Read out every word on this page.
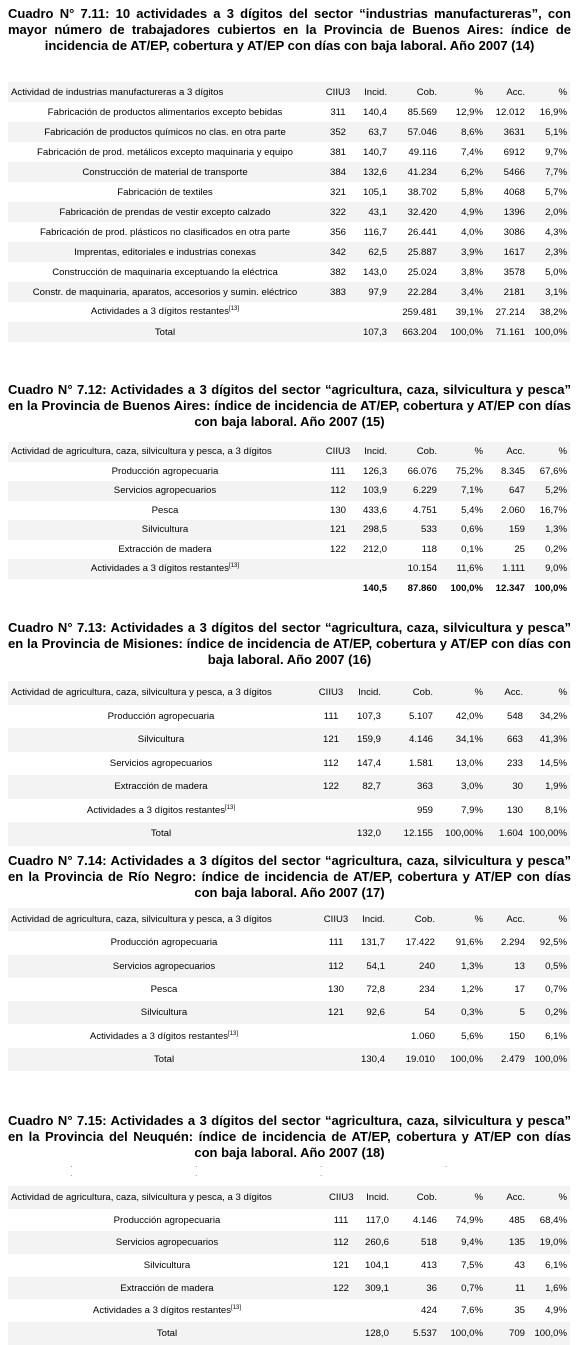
Cuadro N° 7.11: 10 actividades a 3 dígitos del sector “industrias manufactureras”, con mayor número de trabajadores cubiertos en la Provincia de Buenos Aires: índice de incidencia de AT/EP, cobertura y AT/EP con días con baja laboral. Año 2007 (14)
Actividad de industrias manufactureras a 3 dígitos	CIIU3	Incid.	Cob.	%	Acc.	%
Fabricación de productos alimentarios excepto bebidas	311	140,4	85.569	12,9%	12.012	16,9%
Fabricación de productos químicos no clas. en otra parte	352	63,7	57.046	8,6%	3631	5,1%
Fabricación de prod. metálicos excepto maquinaria y equipo	381	140,7	49.116	7,4%	6912	9,7%
Construcción de material de transporte	384	132,6	41.234	6,2%	5466	7,7%
Fabricación de textiles	321	105,1	38.702	5,8%	4068	5,7%
Fabricación de prendas de vestir excepto calzado	322	43,1	32.420	4,9%	1396	2,0%
Fabricación de prod. plásticos no clasificados en otra parte	356	116,7	26.441	4,0%	3086	4,3%
Imprentas, editoriales e industrias conexas	342	62,5	25.887	3,9%	1617	2,3%
Construcción de maquinaria exceptuando la eléctrica	382	143,0	25.024	3,8%	3578	5,0%
Constr. de maquinaria, aparatos, accesorios y sumin. eléctrico	383	97,9	22.284	3,4%	2181	3,1%
Actividades a 3 dígitos restantes[13]			259.481	39,1%	27.214	38,2%
Total		107,3	663.204	100,0%	71.161	100,0%
Cuadro N° 7.12: Actividades a 3 dígitos del sector “agricultura, caza, silvicultura y pesca” en la Provincia de Buenos Aires: índice de incidencia de AT/EP, cobertura y AT/EP con días con baja laboral. Año 2007 (15)
Actividad de agricultura, caza, silvicultura y pesca, a 3 dígitos	CIIU3	Incid.	Cob.	%	Acc.	%
Producción agropecuaria	111	126,3	66.076	75,2%	8.345	67,6%
Servicios agropecuarios	112	103,9	6.229	7,1%	647	5,2%
Pesca	130	433,6	4.751	5,4%	2.060	16,7%
Silvicultura	121	298,5	533	0,6%	159	1,3%
Extracción de madera	122	212,0	118	0,1%	25	0,2%
Actividades a 3 dígitos restantes[13]			10.154	11,6%	1.111	9,0%
		140,5	87.860	100,0%	12.347	100,0%
Cuadro N° 7.13: Actividades a 3 dígitos del sector “agricultura, caza, silvicultura y pesca” en la Provincia de Misiones: índice de incidencia de AT/EP, cobertura y AT/EP con días con baja laboral. Año 2007 (16)
Actividad de agricultura, caza, silvicultura y pesca, a 3 dígitos	CIIU3	Incid.	Cob.	%	Acc.	%
Producción agropecuaria	111	107,3	5.107	42,0%	548	34,2%
Silvicultura	121	159,9	4.146	34,1%	663	41,3%
Servicios agropecuarios	112	147,4	1.581	13,0%	233	14,5%
Extracción de madera	122	82,7	363	3,0%	30	1,9%
Actividades a 3 dígitos restantes[13]			959	7,9%	130	8,1%
Total		132,0	12.155	100,00%	1.604	100,00%
Cuadro N° 7.14: Actividades a 3 dígitos del sector “agricultura, caza, silvicultura y pesca” en la Provincia de Río Negro: índice de incidencia de AT/EP, cobertura y AT/EP con días con baja laboral. Año 2007 (17)
Actividad de agricultura, caza, silvicultura y pesca, a 3 dígitos	CIIU3	Incid.	Cob.	%	Acc.	%
Producción agropecuaria	111	131,7	17.422	91,6%	2.294	92,5%
Servicios agropecuarios	112	54,1	240	1,3%	13	0,5%
Pesca	130	72,8	234	1,2%	17	0,7%
Silvicultura	121	92,6	54	0,3%	5	0,2%
Actividades a 3 dígitos restantes[13]			1.060	5,6%	150	6,1%
Total		130,4	19.010	100,0%	2.479	100,0%
Cuadro N° 7.15: Actividades a 3 dígitos del sector “agricultura, caza, silvicultura y pesca” en la Provincia del Neuquén: índice de incidencia de AT/EP, cobertura y AT/EP con días con baja laboral. Año 2007 (18)
· · · · · · ·
Actividad de agricultura, caza, silvicultura y pesca, a 3 dígitos	CIIU3	Incid.	Cob.	%	Acc.	%
Producción agropecuaria	111	117,0	4.146	74,9%	485	68,4%
Servicios agropecuarios	112	260,6	518	9,4%	135	19,0%
Silvicultura	121	104,1	413	7,5%	43	6,1%
Extracción de madera	122	309,1	36	0,7%	11	1,6%
Actividades a 3 dígitos restantes[13]			424	7,6%	35	4,9%
Total		128,0	5.537	100,0%	709	100,0%
